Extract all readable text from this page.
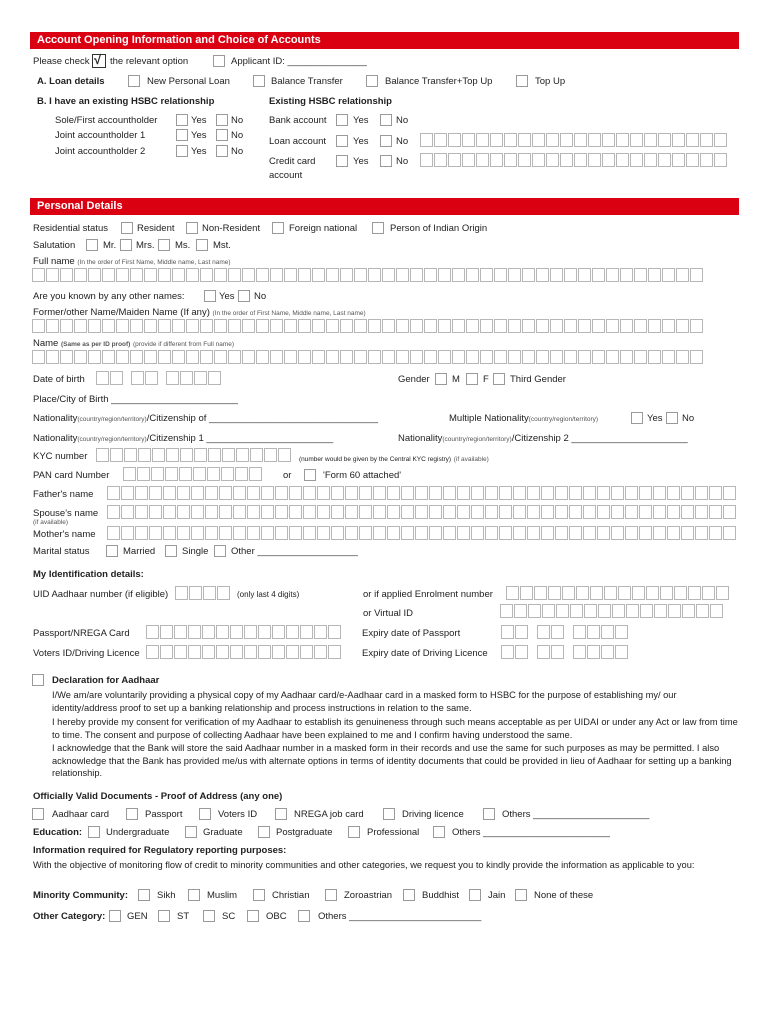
Account Opening Information and Choice of Accounts
Please check √ the relevant option	Applicant ID: _______________
A. Loan details	New Personal Loan	Balance Transfer	Balance Transfer+Top Up	Top Up
B. I have an existing HSBC relationship	Existing HSBC relationship
Sole/First accountholder	Yes	No
Joint accountholder 1	Yes	No
Joint accountholder 2	Yes	No
Bank account	Yes	No
Loan account	Yes	No
Credit card
account
Yes	No
Personal Details
Residential status	Resident	Non-Resident	Foreign national	Person of Indian Origin
Salutation	Mr. Mrs. Ms. Mst.
Full name (In the order of First Name, Middle name, Last name)
Are you known by any other names:	Yes No
Former/other Name/Maiden Name (If any) (In the order of First Name, Middle name, Last name)
Name (Same as per ID proof) (provide if different from Full name)
Date of birth	Gender M F Third Gender
Place/City of Birth ________________________
Nationality(country/region/territory)/Citizenship of ________________________________	Multiple Nationality(country/region/territory)	Yes No
Nationality(country/region/territory)/Citizenship 1 ________________________	Nationality(country/region/territory)/Citizenship 2 ______________________
KYC number	(number would be given by the Central KYC registry) (if available)
PAN card Number	or	'Form 60 attached'
Father's name
Spouse's name
(if available)
Mother's name
Marital status	Married	Single Other ___________________
My Identification details:
UID Aadhaar number (if eligible)	(only last 4 digits)	or if applied Enrolment number
or Virtual ID
Passport/NREGA Card	Expiry date of Passport
Voters ID/Driving Licence	Expiry date of Driving Licence
Declaration for Aadhaar
I/We am/are voluntarily providing a physical copy of my Aadhaar card/e-Aadhaar card in a masked form to HSBC for the purpose of establishing my/ our identity/address proof to set up a banking relationship and process instructions in relation to the same.
I hereby provide my consent for verification of my Aadhaar to establish its genuineness through such means acceptable as per UIDAI or under any Act or law from time to time. The consent and purpose of collecting Aadhaar have been explained to me and I confirm having understood the same.
I acknowledge that the Bank will store the said Aadhaar number in a masked form in their records and use the same for such purposes as may be permitted. I also acknowledge that the Bank has provided me/us with alternate options in terms of identity documents that could be provided in lieu of Aadhaar for setting up a banking relationship.
Officially Valid Documents - Proof of Address (any one)
Aadhaar card	Passport	Voters ID	NREGA job card	Driving licence	Others ______________________
Education:	Undergraduate	Graduate	Postgraduate	Professional	Others ________________________
Information required for Regulatory reporting purposes:
With the objective of monitoring flow of credit to minority communities and other categories, we request you to kindly provide the information as applicable to you:
Minority Community:	Sikh	Muslim	Christian	Zoroastrian	Buddhist	Jain	None of these
Other Category: GEN	ST	SC	OBC	Others _________________________
